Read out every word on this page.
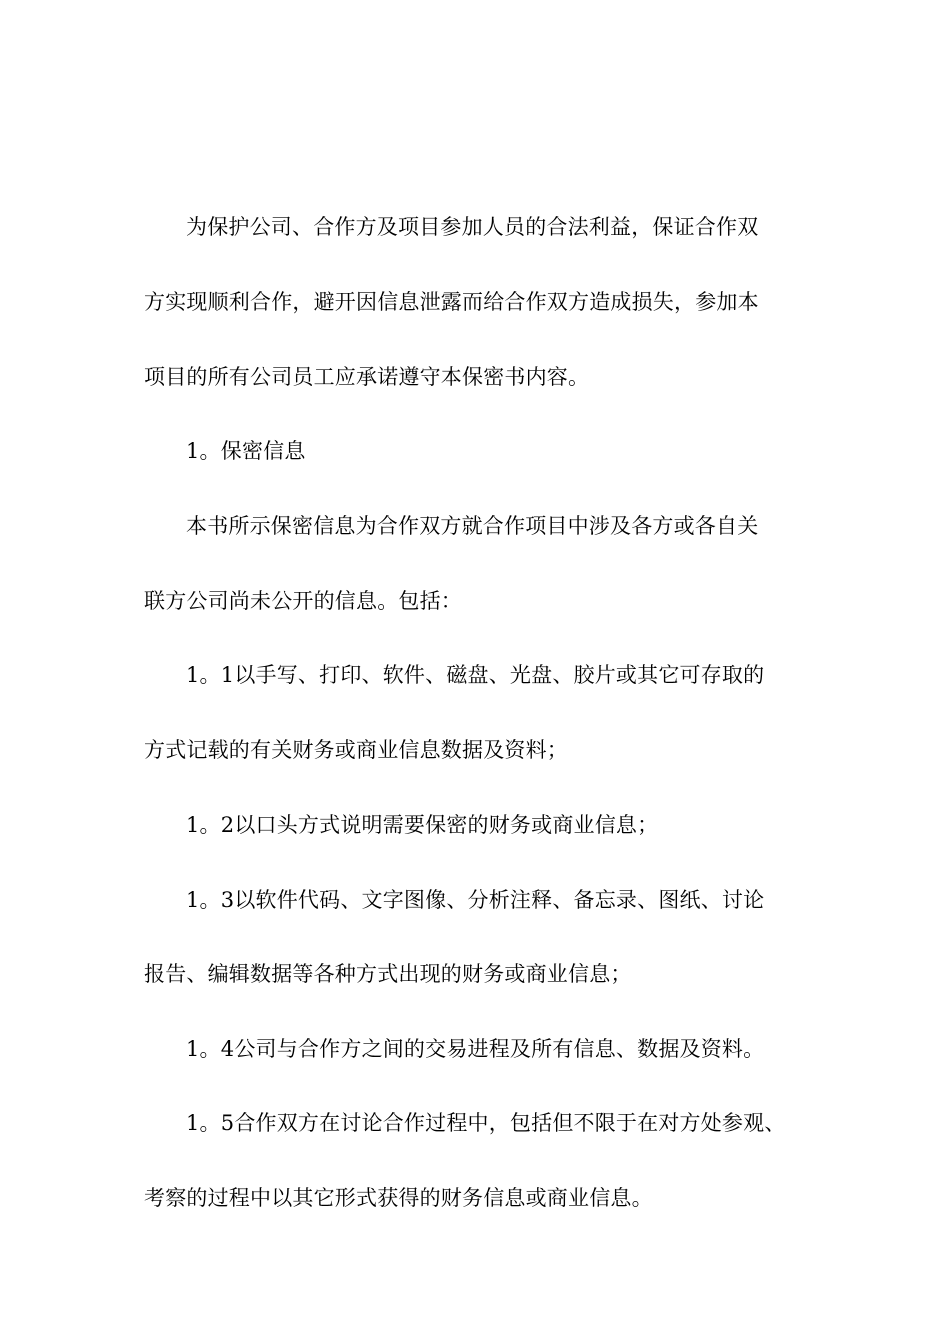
为保护公司、合作方及项目参加人员的合法利益，保证合作双
方实现顺利合作，避开因信息泄露而给合作双方造成损失，参加本
项目的所有公司员工应承诺遵守本保密书内容。
1。保密信息
本书所示保密信息为合作双方就合作项目中涉及各方或各自关
联方公司尚未公开的信息。包括：
1。1以手写、打印、软件、磁盘、光盘、胶片或其它可存取的
方式记载的有关财务或商业信息数据及资料；
1。2以口头方式说明需要保密的财务或商业信息；
1。3以软件代码、文字图像、分析注释、备忘录、图纸、讨论
报告、编辑数据等各种方式出现的财务或商业信息；
1。4公司与合作方之间的交易进程及所有信息、数据及资料。
1。5合作双方在讨论合作过程中，包括但不限于在对方处参观、
考察的过程中以其它形式获得的财务信息或商业信息。
